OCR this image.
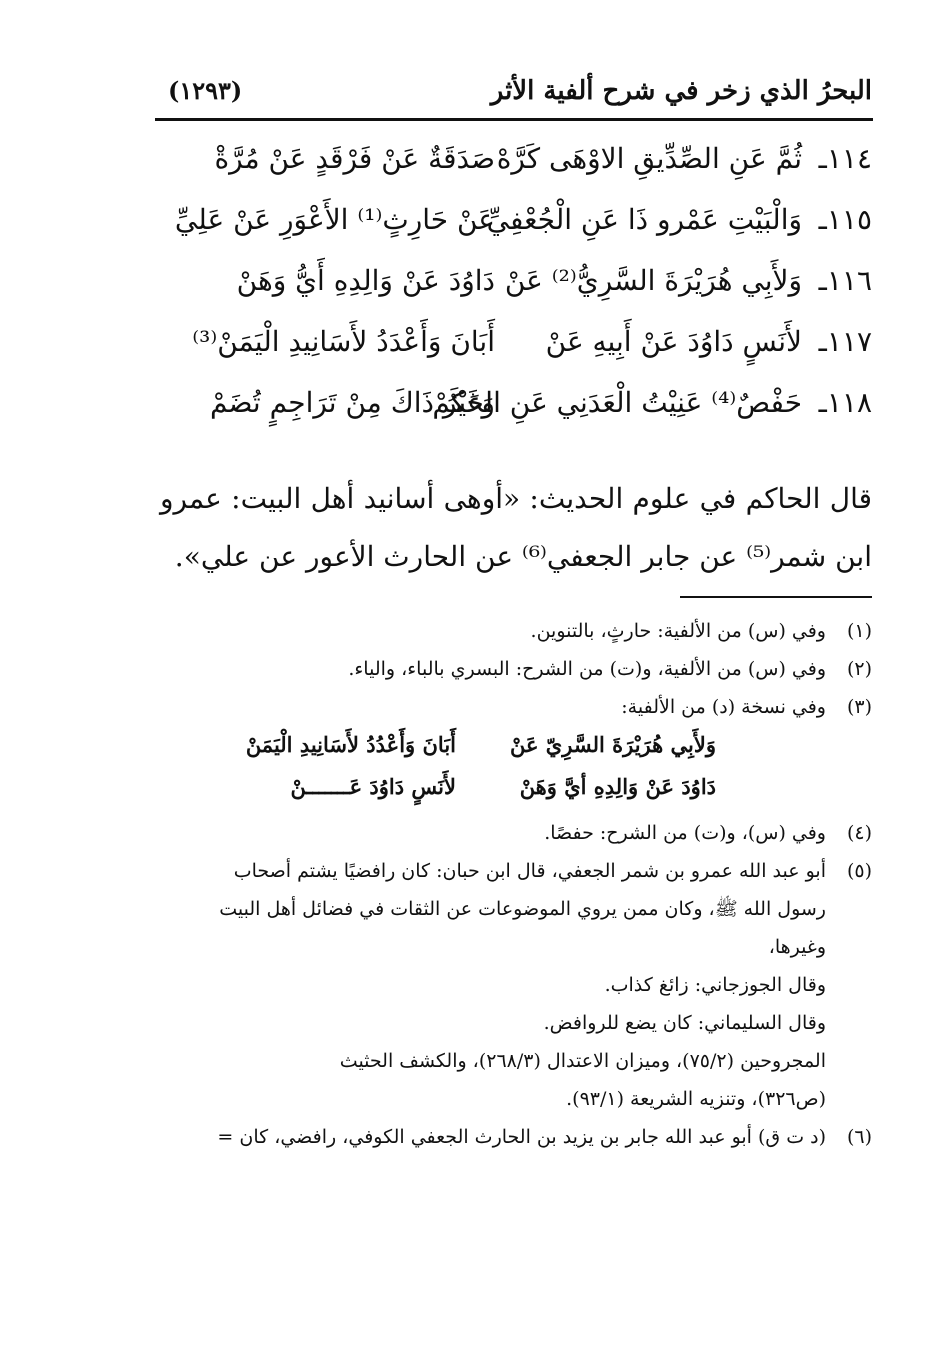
البحرُ الذي زخر في شرح ألفية الأثر
(١٢٩٣)
١١٤ـ
ثُمَّ عَنِ الصِّدِّيقِ الاوْهَى كَرَّهْ
صَدَقَةٌ عَنْ فَرْقَدٍ عَنْ مُرَّةْ
١١٥ـ
وَالْبَيْتِ عَمْرو ذَا عَنِ الْجُعْفِيِّ
عَنْ حَارِثٍ⁽¹⁾ الأَعْوَرِ عَنْ عَلِيِّ
١١٦ـ
وَلأَبِي هُرَيْرَةَ السَّرِيُّ⁽²⁾ عَنْ
دَاوُدَ عَنْ وَالِدِهِ أَيُّ وَهَنْ
١١٧ـ
لأَنَسٍ دَاوُدَ عَنْ أَبِيهِ عَنْ
أَبَانَ وَأَعْدَدُ لأَسَانِيدِ الْيَمَنْ⁽³⁾
١١٨ـ
حَفْصٌ⁽⁴⁾ عَنِيْتُ الْعَدَنِي عَنِ الحَكَمْ
وَغَيْرُ ذَاكَ مِنْ تَرَاجِمٍ تُضَمْ
قال الحاكم في علوم الحديث: «أوهى أسانيد أهل البيت: عمرو ابن شمر⁽⁵⁾ عن جابر الجعفي⁽⁶⁾ عن الحارث الأعور عن علي».
(١)وفي (س) من الألفية: حارثٍ، بالتنوين.
(٢)وفي (س) من الألفية، و(ت) من الشرح: البسري بالباء، والياء.
(٣)وفي نسخة (د) من الألفية:
وَلأَبِي هُرَيْرَةَ السَّرِيّ عَنْ
أَبَانَ وَأَعْدُدُ لأَسَانِيدِ الْيَمَنْ
دَاوُدَ عَنْ وَالِدِهِ أيَّ وَهَنْ
لأَنَسٍ دَاوُدَ عَـــــــنْ
(٤)وفي (س)، و(ت) من الشرح: حفصًا.
(٥)أبو عبد الله عمرو بن شمر الجعفي، قال ابن حبان: كان رافضيًا يشتم أصحاب
رسول الله ﷺ، وكان ممن يروي الموضوعات عن الثقات في فضائل أهل البيت
وغيرها،
وقال الجوزجاني: زائغ كذاب.
وقال السليماني: كان يضع للروافض.
المجروحين (٧٥/٢)، وميزان الاعتدال (٢٦٨/٣)، والكشف الحثيث
(ص٣٢٦)، وتنزيه الشريعة (٩٣/١).
(٦)(د ت ق) أبو عبد الله جابر بن يزيد بن الحارث الجعفي الكوفي، رافضي، كان =
